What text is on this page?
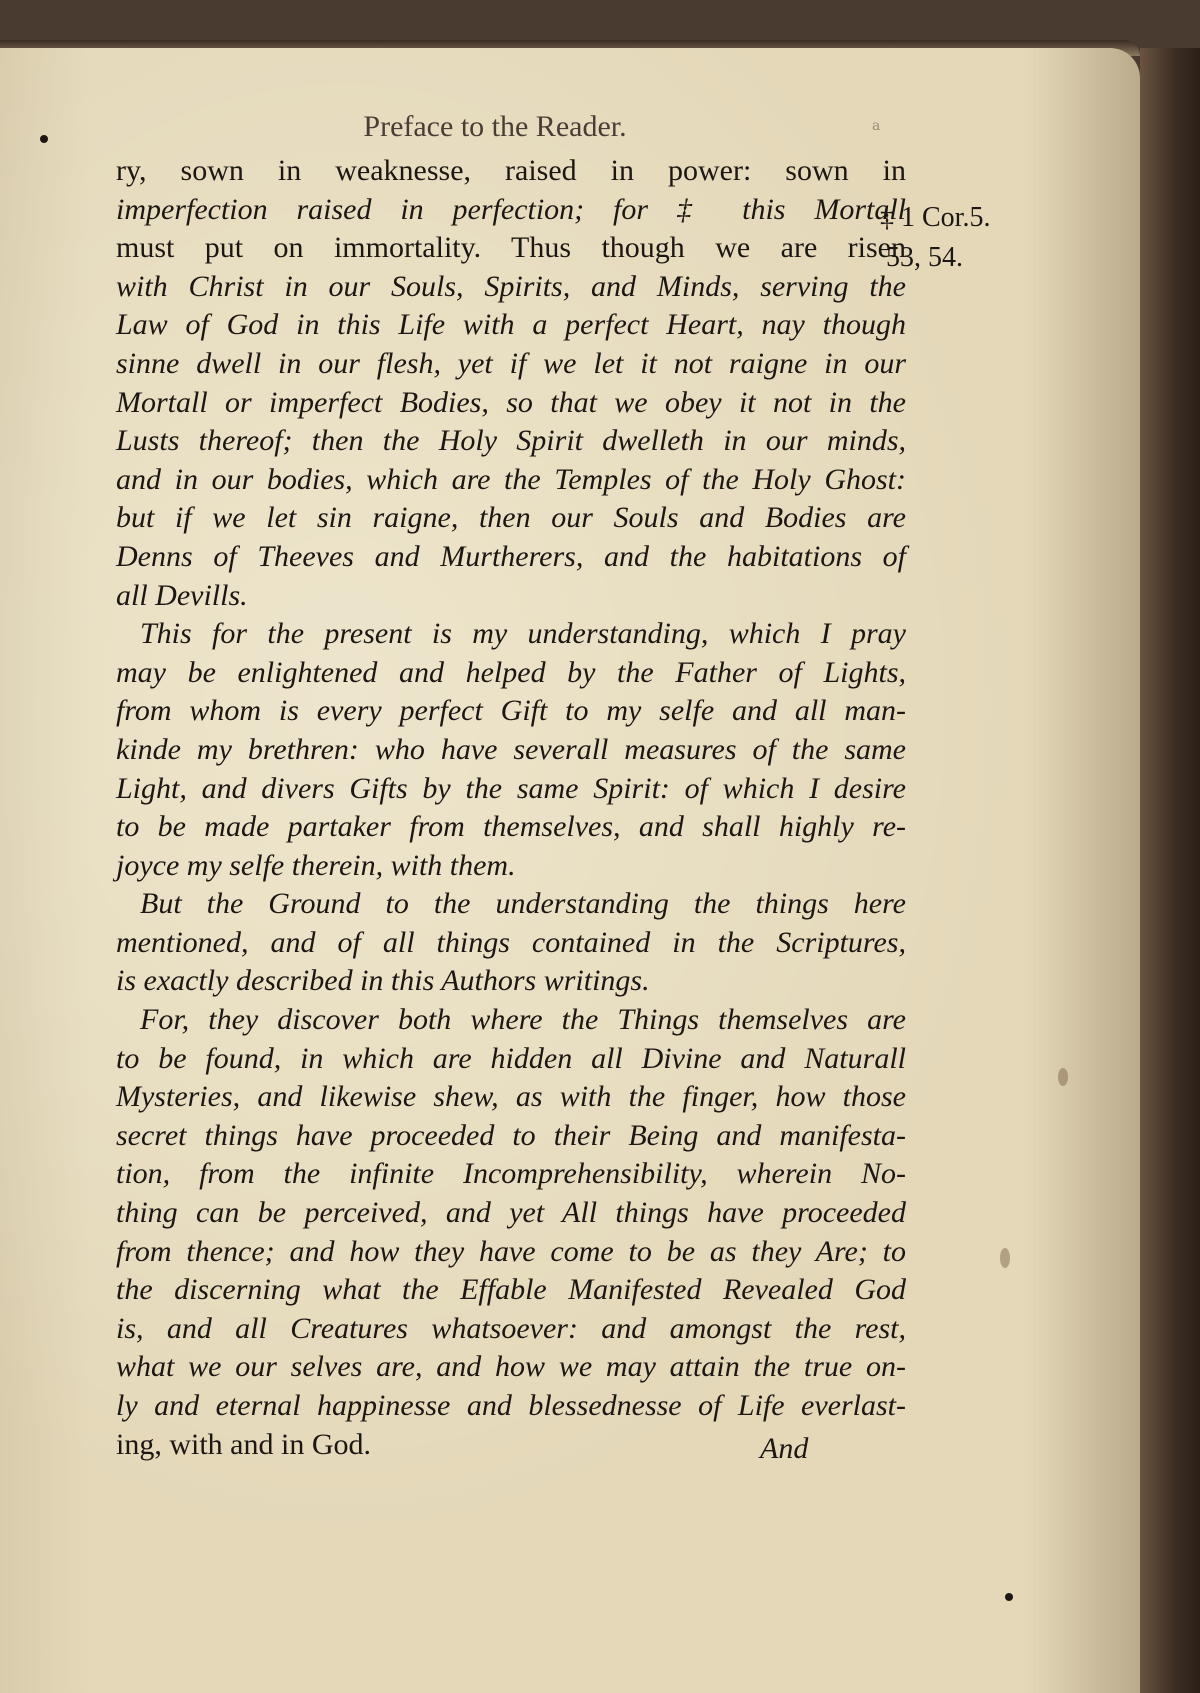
Preface to the Reader.	a
ry, sown in weaknesse, raised in power: sown in
imperfection raised in perfection; for ‡ this Mortall
must put on immortality. Thus though we are risen
with Christ in our Souls, Spirits, and Minds, serving the
Law of God in this Life with a perfect Heart, nay though
sinne dwell in our flesh, yet if we let it not raigne in our
Mortall or imperfect Bodies, so that we obey it not in the
Lusts thereof; then the Holy Spirit dwelleth in our minds,
and in our bodies, which are the Temples of the Holy Ghost:
but if we let sin raigne, then our Souls and Bodies are
Denns of Theeves and Murtherers, and the habitations of
all Devills.
This for the present is my understanding, which I pray
may be enlightened and helped by the Father of Lights,
from whom is every perfect Gift to my selfe and all man-
kinde my brethren: who have severall measures of the same
Light, and divers Gifts by the same Spirit: of which I desire
to be made partaker from themselves, and shall highly re-
joyce my selfe therein, with them.
But the Ground to the understanding the things here
mentioned, and of all things contained in the Scriptures,
is exactly described in this Authors writings.
For, they discover both where the Things themselves are
to be found, in which are hidden all Divine and Naturall
Mysteries, and likewise shew, as with the finger, how those
secret things have proceeded to their Being and manifesta-
tion, from the infinite Incomprehensibility, wherein No-
thing can be perceived, and yet All things have proceeded
from thence; and how they have come to be as they Are; to
the discerning what the Effable Manifested Revealed God
is, and all Creatures whatsoever: and amongst the rest,
what we our selves are, and how we may attain the true on-
ly and eternal happinesse and blessednesse of Life everlast-
ing, with and in God.
‡ 1 Cor.5.
53, 54.
And
